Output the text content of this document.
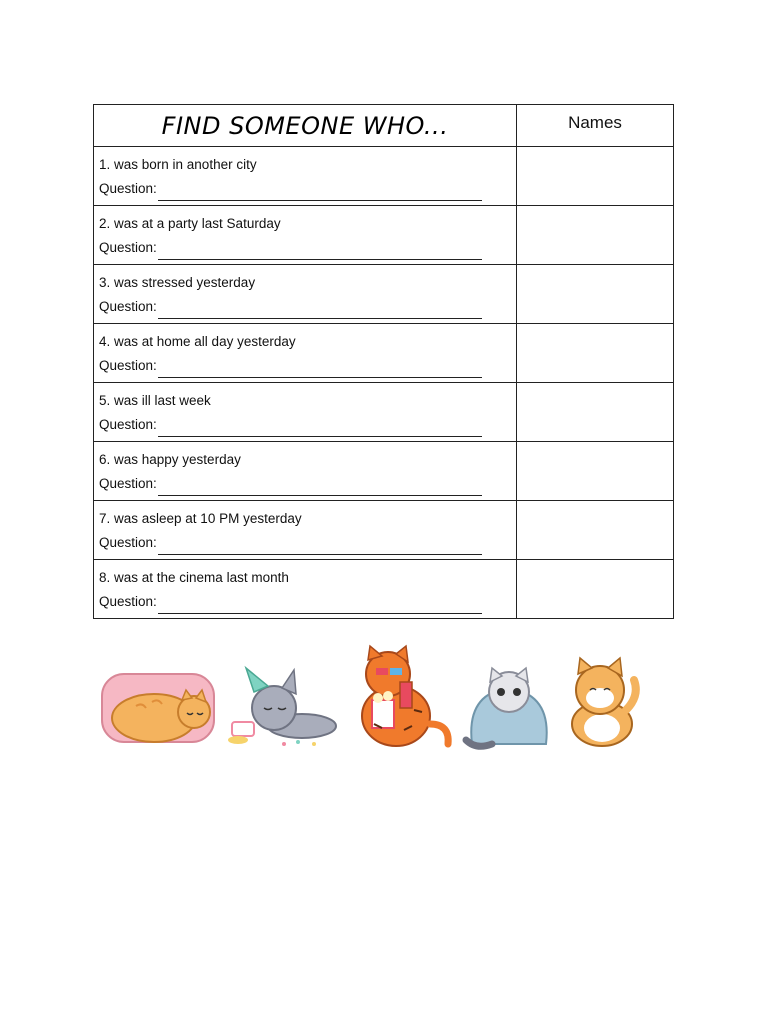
FIND SOMEONE WHO...	Names

1. was born in another city
Question:	

2. was at a party last Saturday
Question:	

3. was stressed yesterday
Question:	

4. was at home all day yesterday
Question:	

5. was ill last week
Question:	

6. was happy yesterday
Question:	

7. was asleep at 10 PM yesterday
Question:	

8. was at the cinema last month
Question:	
